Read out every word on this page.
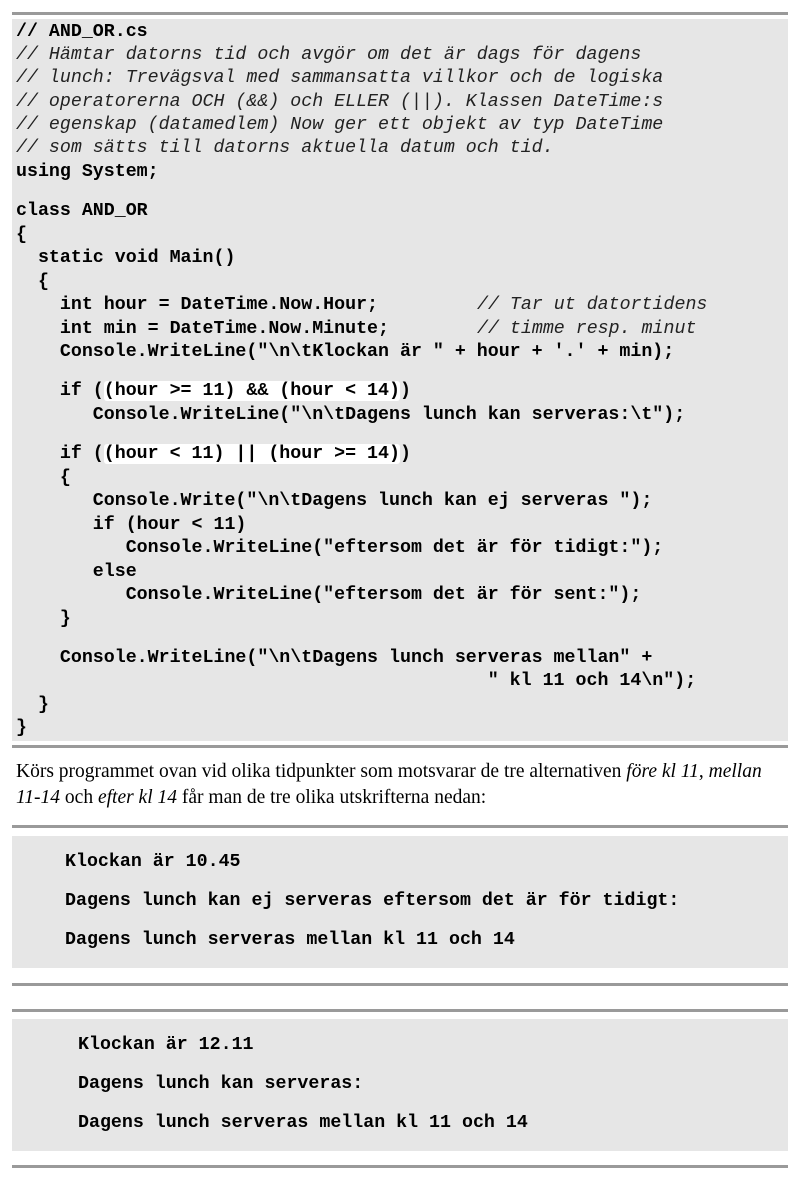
// AND_OR.cs
// Hämtar datorns tid och avgör om det är dags för dagens
// lunch: Trevägsval med sammansatta villkor och de logiska
// operatorerna OCH (&&) och ELLER (||). Klassen DateTime:s
// egenskap (datamedlem) Now ger ett objekt av typ DateTime
// som sätts till datorns aktuella datum och tid.
using System;
class AND_OR
{
static void Main()
{
int hour = DateTime.Now.Hour;	// Tar ut datortidens
int min = DateTime.Now.Minute;	// timme resp. minut
Console.WriteLine("\n\tKlockan är " + hour + '.' + min);
if ((hour >= 11) && (hour < 14))
Console.WriteLine("\n\tDagens lunch kan serveras:\t");
if ((hour < 11) || (hour >= 14))
{
Console.Write("\n\tDagens lunch kan ej serveras ");
if (hour < 11)
Console.WriteLine("eftersom det är för tidigt:");
else
Console.WriteLine("eftersom det är för sent:");
}
Console.WriteLine("\n\tDagens lunch serveras mellan" +
" kl 11 och 14\n");
}
}
Körs programmet ovan vid olika tidpunkter som motsvarar de tre alternativen före kl 11, mellan 11-14 och efter kl 14 får man de tre olika utskrifterna nedan:
Klockan är 10.45
Dagens lunch kan ej serveras eftersom det är för tidigt:
Dagens lunch serveras mellan kl 11 och 14
Klockan är 12.11
Dagens lunch kan serveras:
Dagens lunch serveras mellan kl 11 och 14
